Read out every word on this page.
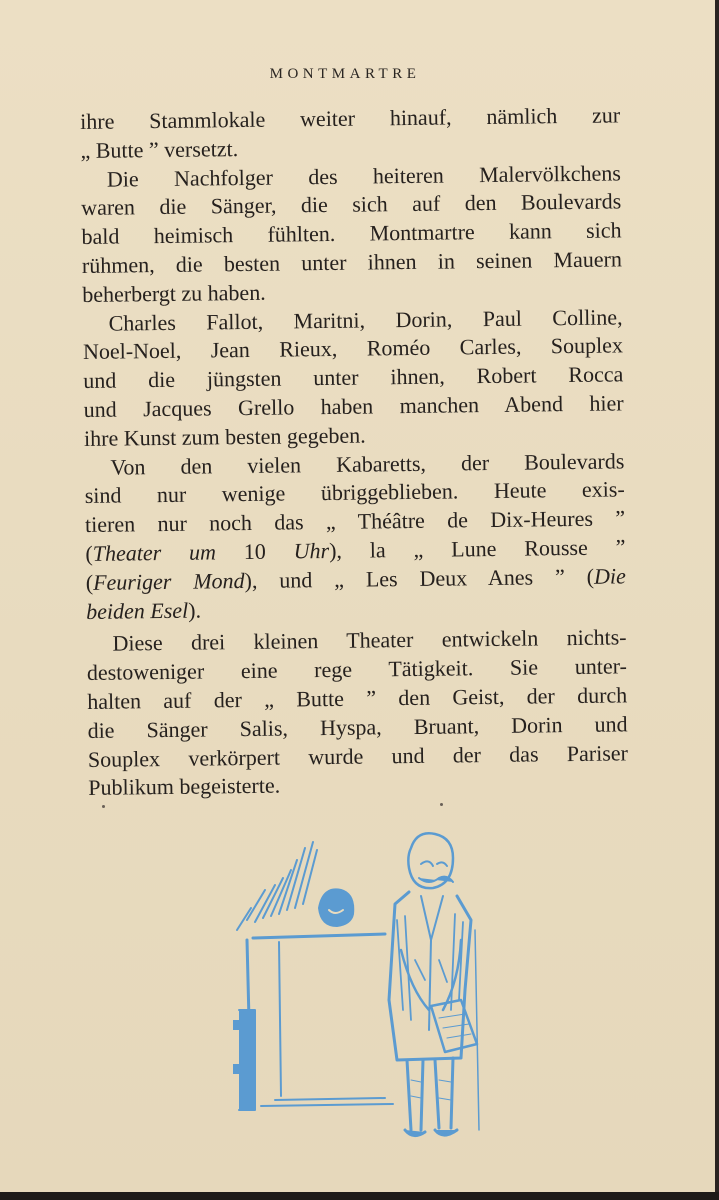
MONTMARTRE
ihre Stammlokale weiter hinauf, nämlich zur
„ Butte ” versetzt.
Die Nachfolger des heiteren Malervölkchens
waren die Sänger, die sich auf den Boulevards
bald heimisch fühlten. Montmartre kann sich
rühmen, die besten unter ihnen in seinen Mauern
beherbergt zu haben.
Charles Fallot, Maritni, Dorin, Paul Colline,
Noel-Noel, Jean Rieux, Roméo Carles, Souplex
und die jüngsten unter ihnen, Robert Rocca
und Jacques Grello haben manchen Abend hier
ihre Kunst zum besten gegeben.
Von den vielen Kabaretts, der Boulevards
sind nur wenige übriggeblieben. Heute exis-
tieren nur noch das „ Théâtre de Dix-Heures ”
(Theater um 10 Uhr), la „ Lune Rousse ”
(Feuriger Mond), und „ Les Deux Anes ” (Die
beiden Esel).
Diese drei kleinen Theater entwickeln nichts-
destoweniger eine rege Tätigkeit. Sie unter-
halten auf der „ Butte ” den Geist, der durch
die Sänger Salis, Hyspa, Bruant, Dorin und
Souplex verkörpert wurde und der das Pariser
Publikum begeisterte.
